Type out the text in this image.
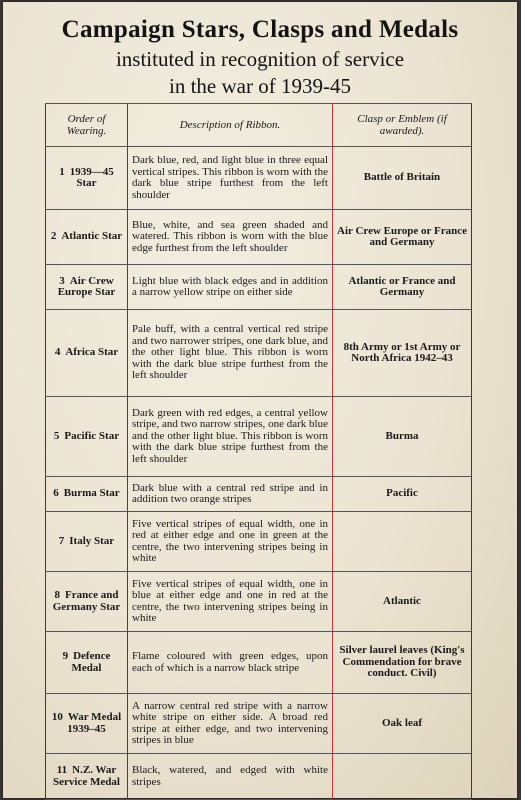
Campaign Stars, Clasps and Medals
instituted in recognition of service
in the war of 1939-45
Order of Wearing.	Description of Ribbon.	Clasp or Emblem (if awarded).
1 1939—45 Star	Dark blue, red, and light blue in three equal vertical stripes. This ribbon is worn with the dark blue stripe furthest from the left shoulder	Battle of Britain
2 Atlantic Star	Blue, white, and sea green shaded and watered. This ribbon is worn with the blue edge furthest from the left shoulder	Air Crew Europe or France and Germany
3 Air Crew Europe Star	Light blue with black edges and in addition a narrow yellow stripe on either side	Atlantic or France and Germany
4 Africa Star	Pale buff, with a central vertical red stripe and two narrower stripes, one dark blue, and the other light blue. This ribbon is worn with the dark blue stripe furthest from the left shoulder	8th Army or 1st Army or North Africa 1942–43
5 Pacific Star	Dark green with red edges, a central yellow stripe, and two narrow stripes, one dark blue and the other light blue. This ribbon is worn with the dark blue stripe furthest from the left shoulder	Burma
6 Burma Star	Dark blue with a central red stripe and in addition two orange stripes	Pacific
7 Italy Star	Five vertical stripes of equal width, one in red at either edge and one in green at the centre, the two intervening stripes being in white	
8 France and Germany Star	Five vertical stripes of equal width, one in blue at either edge and one in red at the centre, the two intervening stripes being in white	Atlantic
9 Defence Medal	Flame coloured with green edges, upon each of which is a narrow black stripe	Silver laurel leaves (King's Commendation for brave conduct. Civil)
10 War Medal 1939–45	A narrow central red stripe with a narrow white stripe on either side. A broad red stripe at either edge, and two intervening stripes in blue	Oak leaf
11 N.Z. War Service Medal	Black, watered, and edged with white stripes	
